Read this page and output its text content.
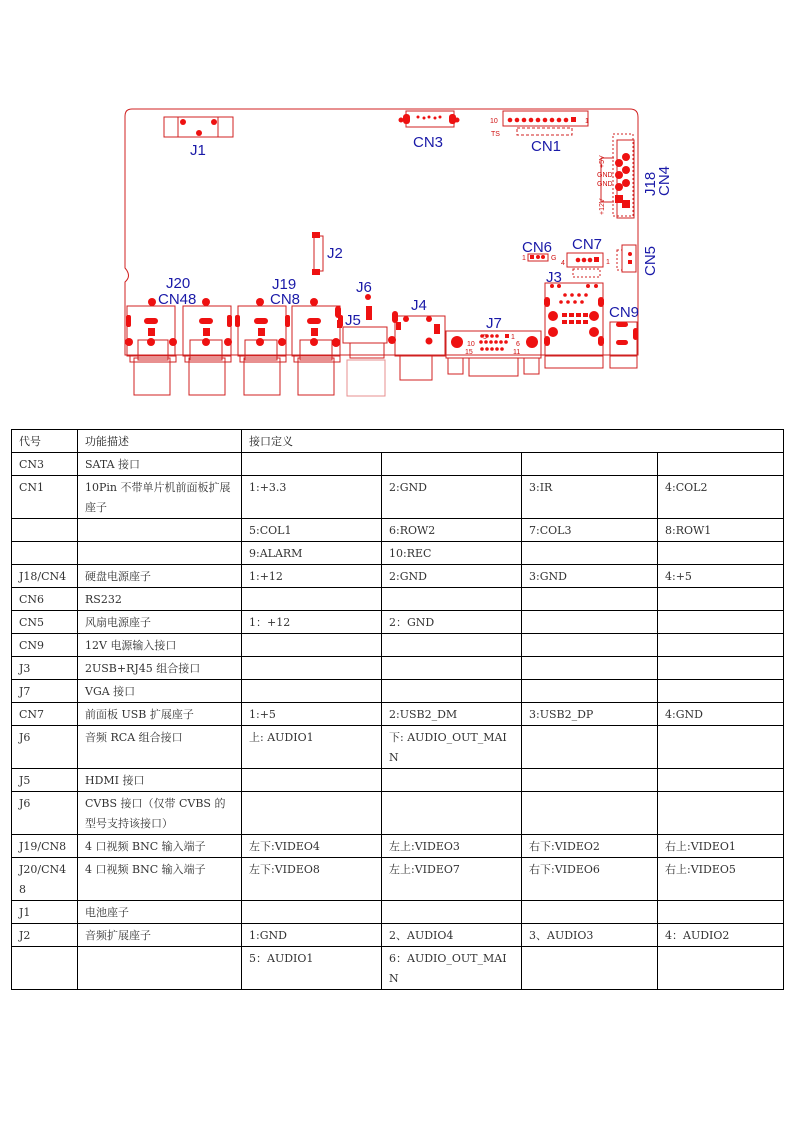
10	1
TS
GND
GND
+5V
+12V
1	G
4	1
5	1
10	6
15	11
J1	CN3	CN1
J18
CN4
J2	CN6 CN7
CN5
J3
CN9
J7
J4
J5
J6
J19
CN8
J20
CN48
代号	功能描述	接口定义			
CN3	SATA 接口				
CN1	10Pin 不带单片机前面板扩展座子	1:+3.3	2:GND	3:IR	4:COL2
		5:COL1	6:ROW2	7:COL3	8:ROW1
		9:ALARM	10:REC		
J18/CN4	硬盘电源座子	1:+12	2:GND	3:GND	4:+5
CN6	RS232				
CN5	风扇电源座子	1：+12	2：GND		
CN9	12V 电源输入接口				
J3	2USB+RJ45 组合接口				
J7	VGA 接口				
CN7	前面板 USB 扩展座子	1:+5	2:USB2_DM	3:USB2_DP	4:GND
J6	音频 RCA 组合接口	上: AUDIO1	下: AUDIO_OUT_MAIN		
J5	HDMI 接口				
J6	CVBS 接口（仅带 CVBS 的型号支持该接口）				
J19/CN8	4 口视频 BNC 输入端子	左下:VIDEO4	左上:VIDEO3	右下:VIDEO2	右上:VIDEO1
J20/CN48	4 口视频 BNC 输入端子	左下:VIDEO8	左上:VIDEO7	右下:VIDEO6	右上:VIDEO5
J1	电池座子				
J2	音频扩展座子	1:GND	2、AUDIO4	3、AUDIO3	4：AUDIO2
		5：AUDIO1	6：AUDIO_OUT_MAIN		
